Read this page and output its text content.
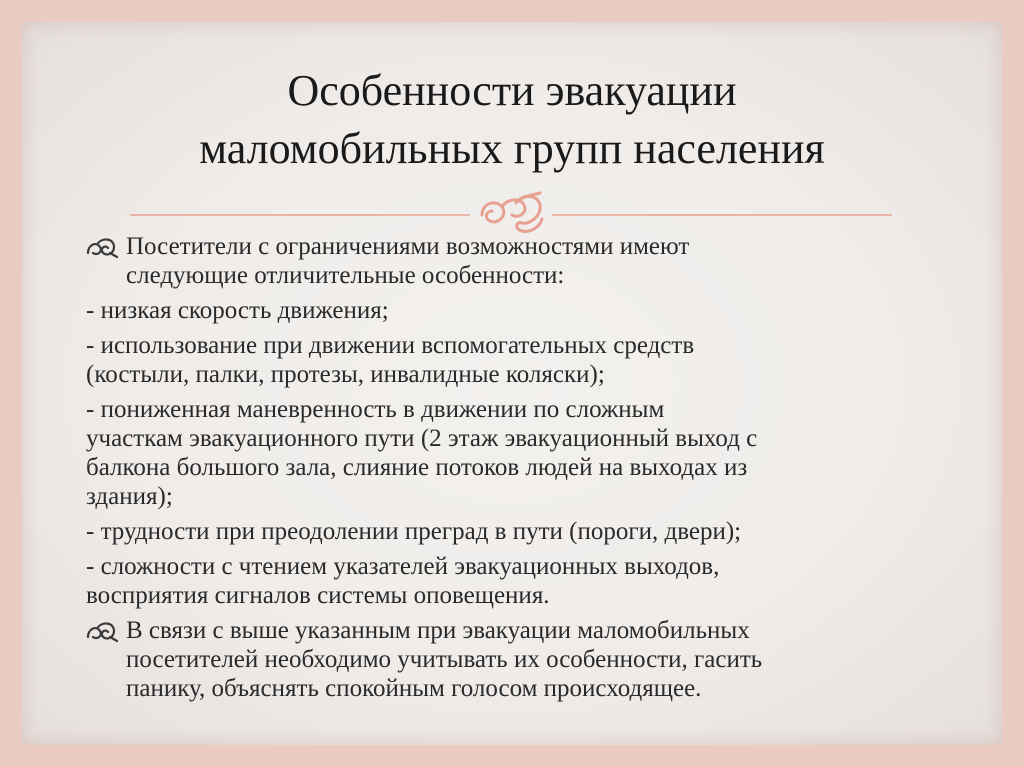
Особенности эвакуации
маломобильных групп населения
Посетители с ограничениями возможностями имеют
следующие отличительные особенности:
- низкая скорость движения;
- использование при движении вспомогательных средств
(костыли, палки, протезы, инвалидные коляски);
- пониженная маневренность в движении по сложным
участкам эвакуационного пути (2 этаж эвакуационный выход с
балкона большого зала, слияние потоков людей на выходах из
здания);
- трудности при преодолении преград в пути (пороги, двери);
- сложности с чтением указателей эвакуационных выходов,
восприятия сигналов системы оповещения.
В связи с выше указанным при эвакуации маломобильных
посетителей необходимо учитывать их особенности, гасить
панику, объяснять спокойным голосом происходящее.
